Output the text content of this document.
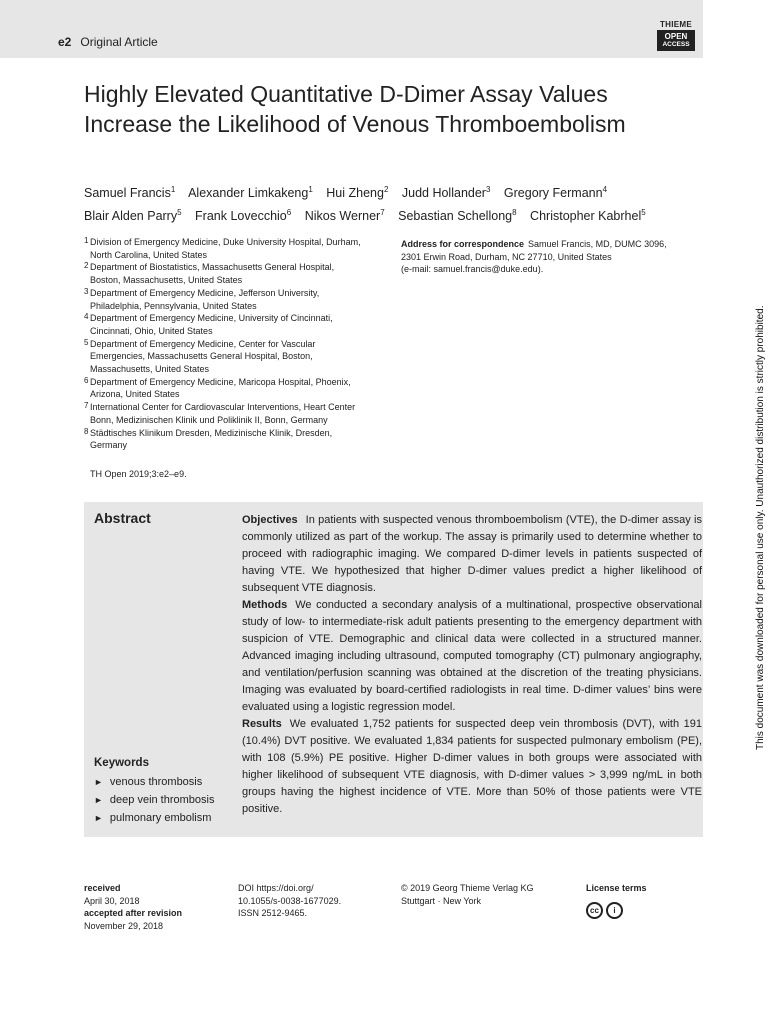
e2 Original Article
THIEME
OPEN
ACCESS
Highly Elevated Quantitative D-Dimer Assay Values Increase the Likelihood of Venous Thromboembolism
Samuel Francis$^1$ Alexander Limkakeng$^1$ Hui Zheng$^2$ Judd Hollander$^3$ Gregory Fermann$^4$
Blair Alden Parry$^5$ Frank Lovecchio$^6$ Nikos Werner$^7$ Sebastian Schellong$^8$ Christopher Kabrhel$^5$
1 Division of Emergency Medicine, Duke University Hospital, Durham,
North Carolina, United States
2 Department of Biostatistics, Massachusetts General Hospital,
Boston, Massachusetts, United States
3 Department of Emergency Medicine, Jefferson University,
Philadelphia, Pennsylvania, United States
4 Department of Emergency Medicine, University of Cincinnati,
Cincinnati, Ohio, United States
5 Department of Emergency Medicine, Center for Vascular
Emergencies, Massachusetts General Hospital, Boston,
Massachusetts, United States
6 Department of Emergency Medicine, Maricopa Hospital, Phoenix,
Arizona, United States
7 International Center for Cardiovascular Interventions, Heart Center
Bonn, Medizinischen Klinik und Poliklinik II, Bonn, Germany
8 Städtisches Klinikum Dresden, Medizinische Klinik, Dresden,
Germany
TH Open 2019;3:e2–e9.
Address for correspondence Samuel Francis, MD, DUMC 3096,
2301 Erwin Road, Durham, NC 27710, United States
(e-mail: samuel.francis@duke.edu).
This document was downloaded for personal use only. Unauthorized distribution is strictly prohibited.
Abstract	Objectives In patients with suspected venous thromboembolism (VTE), the D-dimer assay is commonly utilized as part of the workup. The assay is primarily used to determine whether to proceed with radiographic imaging. We compared D-dimer levels in patients suspected of having VTE. We hypothesized that higher D-dimer values predict a higher likelihood of subsequent VTE diagnosis.

Methods We conducted a secondary analysis of a multinational, prospective observational study of low- to intermediate-risk adult patients presenting to the emergency department with suspicion of VTE. Demographic and clinical data were collected in a structured manner. Advanced imaging including ultrasound, computed tomography (CT) pulmonary angiography, and ventilation/perfusion scanning was obtained at the discretion of the treating physicians. Imaging was evaluated by board-certified radiologists in real time. D-dimer values’ bins were evaluated using a logistic regression model.

Results We evaluated 1,752 patients for suspected deep vein thrombosis (DVT), with 191 (10.4%) DVT positive. We evaluated 1,834 patients for suspected pulmonary embolism (PE), with 108 (5.9%) PE positive. Higher D-dimer values in both groups were associated with higher likelihood of subsequent VTE diagnosis, with D-dimer values > 3,999 ng/mL in both groups having the highest incidence of VTE. More than 50% of those patients were VTE positive.

Keywords
► venous thrombosis
► deep vein thrombosis
► pulmonary embolism
received
April 30, 2018
accepted after revision
November 29, 2018
DOI https://doi.org/
10.1055/s-0038-1677029.
ISSN 2512-9465.
© 2019 Georg Thieme Verlag KG
Stuttgart · New York
License terms
cc	i
